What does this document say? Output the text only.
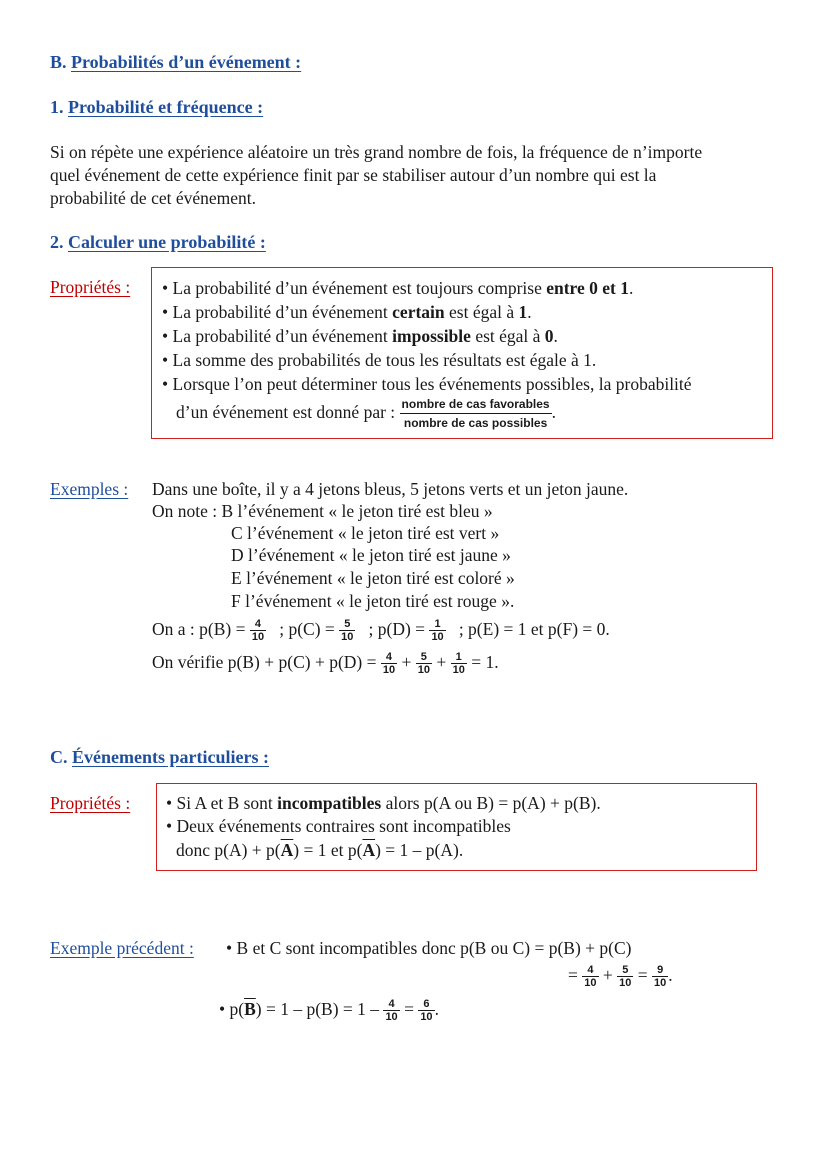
B. Probabilités d’un événement :
1. Probabilité et fréquence :
Si on répète une expérience aléatoire un très grand nombre de fois, la fréquence de n’importe
quel événement de cette expérience finit par se stabiliser autour d’un nombre qui est la
probabilité de cet événement.
2. Calculer une probabilité :
Propriétés : • La probabilité d’un événement est toujours comprise entre 0 et 1.
• La probabilité d’un événement certain est égal à 1.
• La probabilité d’un événement impossible est égal à 0.
• La somme des probabilités de tous les résultats est égale à 1.
• Lorsque l’on peut déterminer tous les événements possibles, la probabilité
d’un événement est donné par : $\frac{\text{nombre de cas favorables}}{\text{nombre de cas possibles}}$ .
Exemples : Dans une boîte, il y a 4 jetons bleus, 5 jetons verts et un jeton jaune.
On note : B l’événement « le jeton tiré est bleu »
C l’événement « le jeton tiré est vert »
D l’événement « le jeton tiré est jaune »
E l’événement « le jeton tiré est coloré »
F l’événement « le jeton tiré est rouge ».
On a : $p(B) = \frac{4}{10}$ ; $p(C) = \frac{5}{10}$ ; $p(D) = \frac{1}{10}$ ; p(E) = 1 et p(F) = 0.
On vérifie $p(B) + p(C) + p(D) = \frac{4}{10} + \frac{5}{10} + \frac{1}{10} = 1$.
C. Événements particuliers :
Propriétés : • Si A et B sont incompatibles alors p(A ou B) = p(A) + p(B).
• Deux événements contraires sont incompatibles
donc $p(A) + p(\overline{A}) = 1$ et $p(\overline{A}) = 1 - p(A)$.
Exemple précédent : • B et C sont incompatibles donc p(B ou C) = p(B) + p(C)
= $\frac{4}{10} + \frac{5}{10} = \frac{9}{10}$ .
• $p(\overline{B}) = 1 - p(B) = 1 - \frac{4}{10} = \frac{6}{10}$ .
